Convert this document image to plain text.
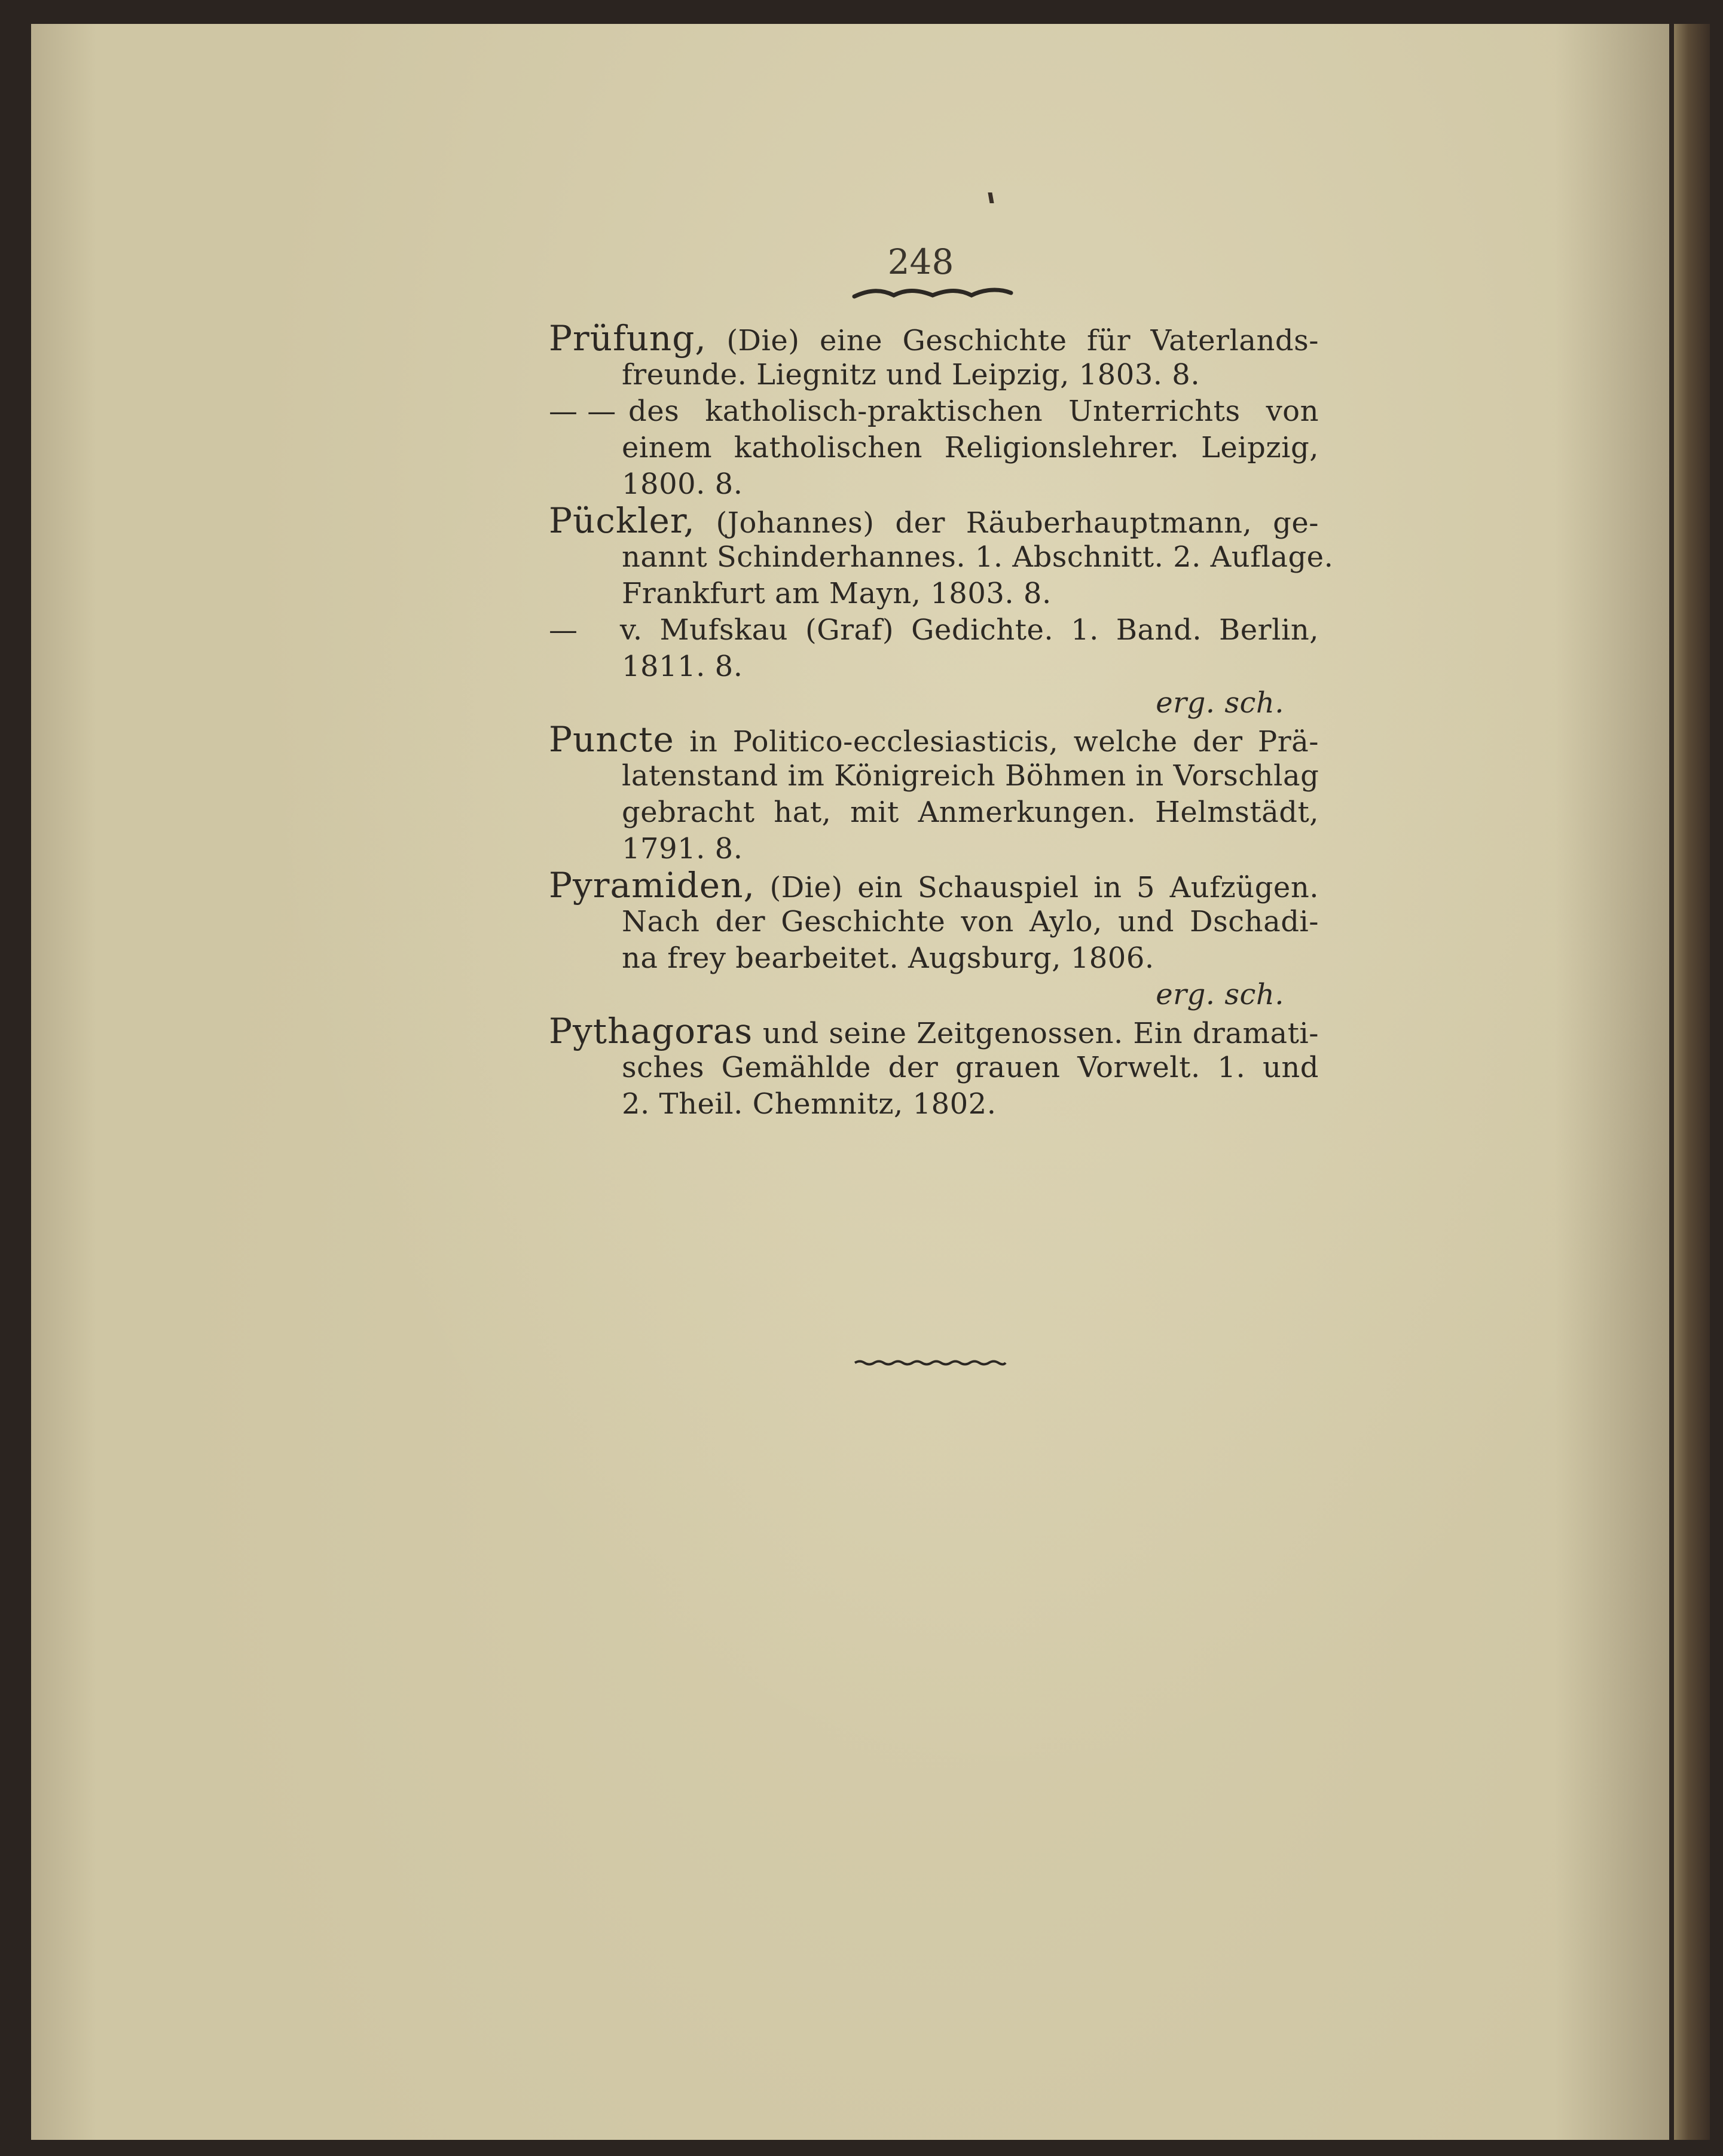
248
Prüfung, (Die) eine Geschichte für Vaterlands-
freunde. Liegnitz und Leipzig, 1803. 8.
— — des katholisch-praktischen Unterrichts von
einem katholischen Religionslehrer. Leipzig,
1800. 8.
Pückler, (Johannes) der Räuberhauptmann, ge-
nannt Schinderhannes. 1. Abschnitt. 2. Auflage.
Frankfurt am Mayn, 1803. 8.
— v. Mufskau (Graf) Gedichte. 1. Band. Berlin,
1811. 8.
erg. sch.
Puncte in Politico-ecclesiasticis, welche der Prä-
latenstand im Königreich Böhmen in Vorschlag
gebracht hat, mit Anmerkungen. Helmstädt,
1791. 8.
Pyramiden, (Die) ein Schauspiel in 5 Aufzügen.
Nach der Geschichte von Aylo, und Dschadi-
na frey bearbeitet. Augsburg, 1806.
erg. sch.
Pythagoras und seine Zeitgenossen. Ein dramati-
sches Gemählde der grauen Vorwelt. 1. und
2. Theil. Chemnitz, 1802.
